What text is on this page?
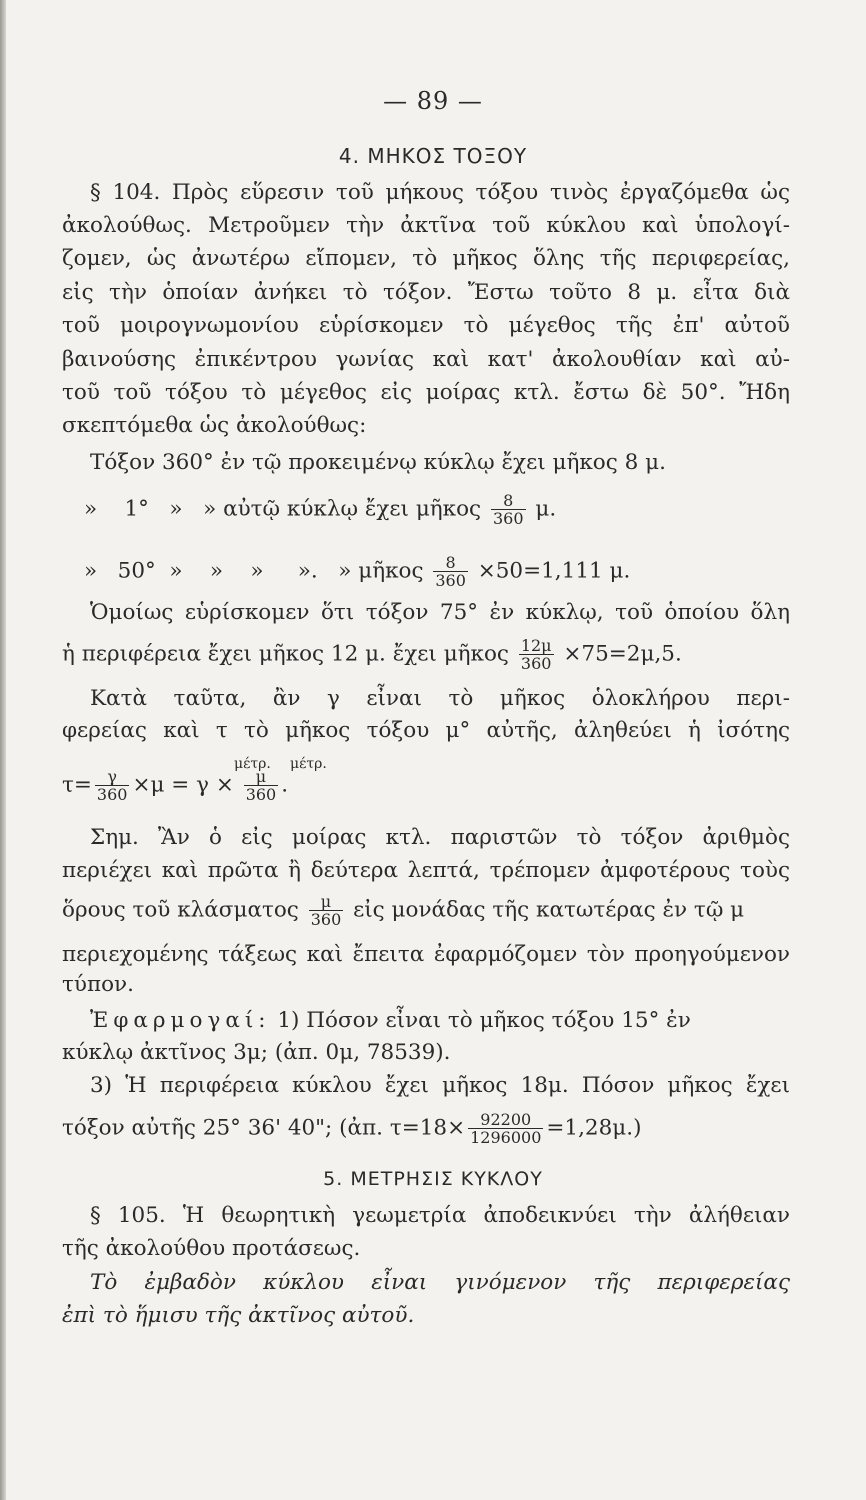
— 89 —
4. ΜΗΚΟΣ ΤΟΞΟΥ
§ 104. Πρὸς εὕρεσιν τοῦ μήκους τόξου τινὸς ἐργαζόμεθα ὡς
ἀκολούθως. Μετροῦμεν τὴν ἀκτῖνα τοῦ κύκλου καὶ ὑπολογί-
ζομεν, ὡς ἀνωτέρω εἴπομεν, τὸ μῆκος ὅλης τῆς περιφερείας,
εἰς τὴν ὁποίαν ἀνήκει τὸ τόξον. Ἔστω τοῦτο 8 μ. εἶτα διὰ
τοῦ μοιρογνωμονίου εὑρίσκομεν τὸ μέγεθος τῆς ἐπ' αὐτοῦ
βαινούσης ἐπικέντρου γωνίας καὶ κατ' ἀκολουθίαν καὶ αὐ-
τοῦ τοῦ τόξου τὸ μέγεθος εἰς μοίρας κτλ. ἔστω δὲ 50°. Ἤδη
σκεπτόμεθα ὡς ἀκολούθως:
Τόξον 360° ἐν τῷ προκειμένῳ κύκλῳ ἔχει μῆκος 8 μ.
»    1°   »   » αὐτῷ κύκλῳ ἔχει μῆκος $\frac{8}{360} \mu$.
»   50°  »    »    »     ».   » μῆκος $\frac{8}{360} \times 50=1,111$ μ.
Ὁμοίως εὑρίσκομεν ὅτι τόξον 75° ἐν κύκλῳ, τοῦ ὁποίου ὅλη
ἡ περιφέρεια ἔχει μῆκος 12 μ. ἔχει μῆκος $\frac{12\mu}{360} \times 75=2\mu,5$.
Κατὰ ταῦτα, ἂν γ εἶναι τὸ μῆκος ὁλοκλήρου περι-
φερείας καὶ τ τὸ μῆκος τόξου μ° αὐτῆς, ἀληθεύει ἡ ἰσότης
μέτρ. μέτρ.
$\tau= \frac{\gamma}{360} \times\mu = \gamma \times \frac{\mu}{360}$ .
Σημ. Ἂν ὁ εἰς μοίρας κτλ. παριστῶν τὸ τόξον ἀριθμὸς
περιέχει καὶ πρῶτα ἢ δεύτερα λεπτά, τρέπομεν ἀμφοτέρους τοὺς
ὅρους τοῦ κλάσματος $\frac{\mu}{360}$ εἰς μονάδας τῆς κατωτέρας ἐν τῷ μ
περιεχομένης τάξεως καὶ ἔπειτα ἐφαρμόζομεν τὸν προηγούμενον
τύπον.
Ἐφαρμογαί: 1) Πόσον εἶναι τὸ μῆκος τόξου 15° ἐν
κύκλῳ ἀκτῖνος 3μ; (ἀπ. 0μ, 78539).
3) Ἡ περιφέρεια κύκλου ἔχει μῆκος 18μ. Πόσον μῆκος ἔχει
τόξον αὐτῆς 25° 36' 40"; (ἀπ. $\tau=18\times \frac{92200}{1296000} =1,28\mu$.)
5. ΜΕΤΡΗΣΙΣ ΚΥΚΛΟΥ
§ 105. Ἡ θεωρητικὴ γεωμετρία ἀποδεικνύει τὴν ἀλήθειαν
τῆς ἀκολούθου προτάσεως.
Τὸ ἐμβαδὸν κύκλου εἶναι γινόμενον τῆς περιφερείας
ἐπὶ τὸ ἥμισυ τῆς ἀκτῖνος αὐτοῦ.
